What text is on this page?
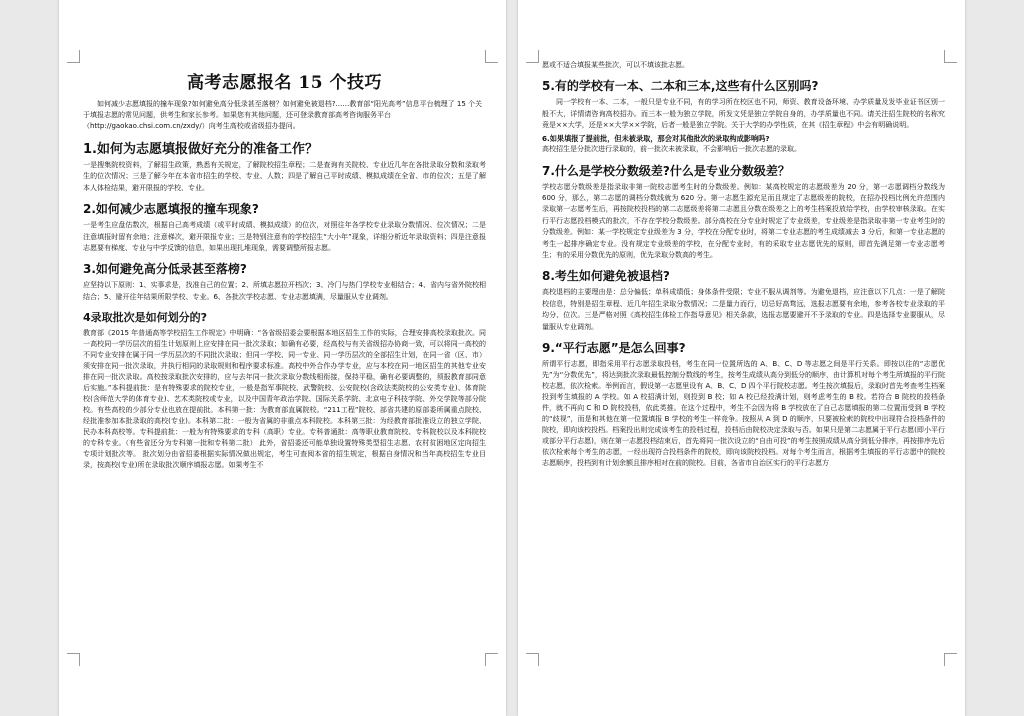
高考志愿报名 15 个技巧

如何减少志愿填报的撞车现象?如何避免高分低录甚至落榜？如何避免被退档?……教育部“阳光高考”信息平台梳理了 15 个关于填报志愿的常见问题，供考生和家长参考。如果您有其他问题，还可登录教育部高考咨询服务平台（http://gaokao.chsi.com.cn/zxdy/）向考生高校或省级招办提问。

1.如何为志愿填报做好充分的准备工作？

一是搜集院校资料，了解招生政策，熟悉有关规定，了解院校招生章程；二是查询有关院校、专业近几年在各批录取分数和录取考生的位次情况；三是了解今年在本省市招生的学校、专业、人数；四是了解自己平时成绩、模拟成绩在全省、市的位次；五是了解本人体检结果，避开限报的学校、专业。

2.如何减少志愿填报的撞车现象?

一是考生应盘估数次，根据自己高考成绩（或平时成绩、模拟成绩）的位次，对照往年各学校专业录取分数情况、位次情况；二是注意填报时留有余地；注意梯次，避开限报专业；三是特别注意有的学校招生“大小年”现象，详细分析近年录取资料；四是注意报志愿要有梯度、专业与中学反馈的信息，如果出现扎堆现象，需要调整所报志愿。

3.如何避免高分低录甚至落榜?

应坚持以下原则：1、实事求是，找准自己的位置；2、所填志愿拉开档次；3、冷门与热门学校专业相结合；4、省内与省外院校相结合；5、避开往年结果所限学校、专业。6、各批次学校志愿、专业志愿填满，尽量服从专业调剂。

4录取批次是如何划分的?

教育部《2015 年普通高等学校招生工作规定》中明确：“各省级招委会要根据本地区招生工作的实际，合理安排高校录取批次。同一高校同一学历层次的招生计划原则上应安排在同一批次录取；如确有必要，经高校与有关省级招办协商一致，可以将同一高校的不同专业安排在属于同一学历层次的不同批次录取；但同一学校、同一专业、同一学历层次的全部招生计划，在同一省（区、市）须安排在同一批次录取，并执行相同的录取规则和程序要求标准。高校中外合作办学专业，应与本校在同一地区招生的其他专业安排在同一批次录取。高校按录取批次安排的，应与去年同一批次录取分数线相衔接，保持平稳，确有必要调整的，须报教育部同意后实施。”本科提前批：是有特殊要求的院校专业，一般是指军事院校、武警院校、公安院校(含政法类院校的公安类专业)、体育院校(含师范大学的体育专业)、艺术类院校或专业，以及中国青年政治学院、国际关系学院、北京电子科技学院、外交学院等部分院校。有些高校的少部分专业也放在提前批。本科第一批：为教育部直属院校。“211工程”院校、部省共建的原部委所属重点院校、经批准参加本批录取的高校(专业)。本科第二批：一般为省属的非重点本科院校。本科第三批：为经教育部批准设立的独立学院、民办本科高校等。专科提前批：一般为有特殊要求的专科（高职）专业。专科普通批：高等职业教育院校、专科院校以及本科院校的专科专业。（有些省还分为专科第一批和专科第二批） 此外，省招委还可能单独设置特殊类型招生志愿、农村贫困地区定向招生专项计划批次等。 批次划分由省招委根据实际情况做出规定，考生可查阅本省的招生规定，根据自身情况和当年高校招生专业目录，按高校(专业)所在录取批次顺序填报志愿。如果考生不

愿或不适合填报某些批次，可以不填该批志愿。

5.有的学校有一本、二本和三本,这些有什么区别吗?

同一学校有一本、二本，一般只是专业不同，有的学习所在校区也不同，师资、教育设备环境、办学质量及发毕业证书区别一般不大，详情请咨询高校招办。而三本一般为独立学院，所发文凭是独立学院自身的，办学质量也不同。请关注招生院校的名称究竟是××大学，还是××大学××学院，后者一般是独立学院。关于大学的办学性质，在其《招生章程》中会有明确说明。

6.如果填报了提前批，但未被录取，那会对其他批次的录取构成影响吗?

高校招生是分批次进行录取的，前一批次未被录取，不会影响后一批次志愿的录取。

7.什么是学校分数级差?什么是专业分数级差？

学校志愿分数级差是指录取非第一院校志愿考生时的分数级差。例如：某高校规定的志愿级差为 20 分，第一志愿调档分数线为 600 分，那么，第二志愿的调档分数线就为 620 分。第一志愿生源充足而且规定了志愿级差的院校，在招办投档比例允许范围内录取第一志愿考生后，再按院校投档的第二志愿级差将第二志愿且分数在级差之上的考生档案投放给学校，由学校审核录取。在实行平行志愿投档模式的批次，不存在学校分数级差。部分高校在分专业时规定了专业级差，专业级差是指录取非第一专业考生时的分数级差。例如：某一学校规定专业级差为 3 分，学校在分配专业时，将第二专业志愿的考生成绩减去 3 分后，和第一专业志愿的考生一起排序确定专业。没有规定专业级差的学校，在分配专业时，有的采取专业志愿优先的原则，即首先满足第一专业志愿考生；有的采用分数优先的原则，优先录取分数高的考生。

8.考生如何避免被退档?

高校退档的主要理由是：总分偏低；单科成绩低；身体条件受限；专业不服从调剂等。为避免退档，应注意以下几点：一是了解院校信息，特别是招生章程、近几年招生录取分数情况；二是量力而行，切忌好高骛远，选报志愿要有余地，参考各校专业录取的平均分、位次。三是严格对照《高校招生体检工作指导意见》相关条款，选报志愿要避开不予录取的专业。四是选择专业要服从，尽量服从专业调剂。

9.“平行志愿”是怎么回事?

所谓平行志愿，即指采用平行志愿录取投档，考生在同一位置所选的 A、B、C、D 等志愿之间是平行关系。即按以往的“志愿优先”为“分数优先”，将达到批次录取最低控制分数线的考生，按考生成绩从高分到低分的顺序，由计算机对每个考生所填报的平行院校志愿，依次检索。举例而言，假设第一志愿里设有 A、B、C、D 四个平行院校志愿。考生按次填报后，录取时首先考查考生档案投到考生填报的 A 学校。如 A 校招满计划，则投到 B 校；如 A 校已经投满计划，则考虑考生的 B 校。若符合 B 院校的投档条件，就不再向 C 和 D 院校投档，依此类推。在这个过程中，考生不会因为将 B 学校放在了自己志愿填报的第二位置而受到 B 学校的“歧视”，而是和其他在第一位置填报 B 学校的考生一样竞争。按照从 A 到 D 的顺序，只要被检索的院校中出现符合投档条件的院校，即向该校投档。档案投出则完成该考生的投档过程，投档后由院校决定录取与否。如果只是第二志愿属于平行志愿(即小平行或部分平行志愿)，则在第一志愿投档结束后，首先将同一批次设立的“自由可投”的考生按照成绩从高分到低分排序，再按排序先后依次检索每个考生的志愿，一经出现符合投档条件的院校，即向该院校投档。对每个考生而言，根据考生填报的平行志愿中的院校志愿顺序，投档到有计划余额且排序相对在前的院校。目前，各省市自治区实行的平行志愿方
